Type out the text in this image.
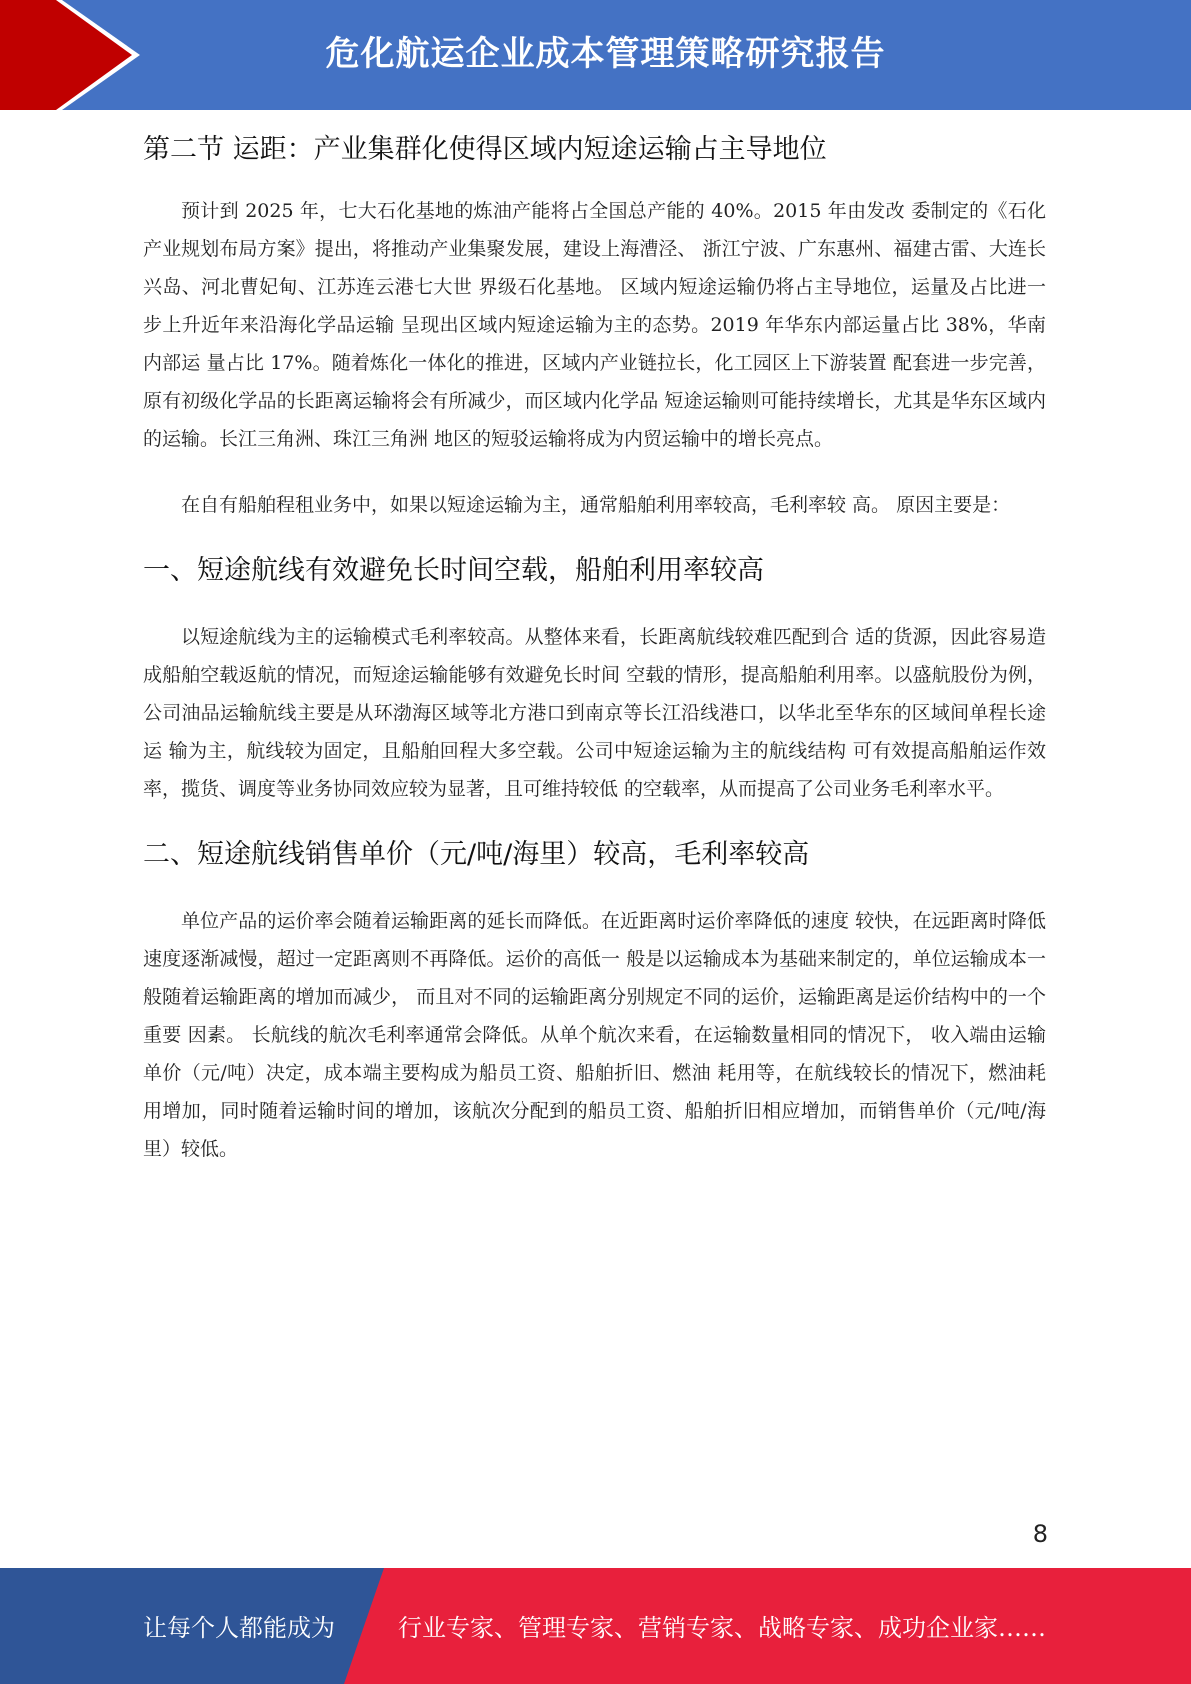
危化航运企业成本管理策略研究报告
第二节 运距：产业集群化使得区域内短途运输占主导地位

预计到 2025 年，七大石化基地的炼油产能将占全国总产能的 40%。2015 年由发改 委制定的《石化产业规划布局方案》提出，将推动产业集聚发展，建设上海漕泾、 浙江宁波、广东惠州、福建古雷、大连长兴岛、河北曹妃甸、江苏连云港七大世 界级石化基地。 区域内短途运输仍将占主导地位，运量及占比进一步上升近年来沿海化学品运输 呈现出区域内短途运输为主的态势。2019 年华东内部运量占比 38%，华南内部运 量占比 17%。随着炼化一体化的推进，区域内产业链拉长，化工园区上下游装置 配套进一步完善，原有初级化学品的长距离运输将会有所减少，而区域内化学品 短途运输则可能持续增长，尤其是华东区域内的运输。长江三角洲、珠江三角洲 地区的短驳运输将成为内贸运输中的增长亮点。

在自有船舶程租业务中，如果以短途运输为主，通常船舶利用率较高，毛利率较 高。 原因主要是：

一、短途航线有效避免长时间空载，船舶利用率较高

以短途航线为主的运输模式毛利率较高。从整体来看，长距离航线较难匹配到合 适的货源，因此容易造成船舶空载返航的情况，而短途运输能够有效避免长时间 空载的情形，提高船舶利用率。以盛航股份为例，公司油品运输航线主要是从环渤海区域等北方港口到南京等长江沿线港口，以华北至华东的区域间单程长途运 输为主，航线较为固定，且船舶回程大多空载。公司中短途运输为主的航线结构 可有效提高船舶运作效率，揽货、调度等业务协同效应较为显著，且可维持较低 的空载率，从而提高了公司业务毛利率水平。

二、短途航线销售单价（元/吨/海里）较高，毛利率较高

单位产品的运价率会随着运输距离的延长而降低。在近距离时运价率降低的速度 较快，在远距离时降低速度逐渐减慢，超过一定距离则不再降低。运价的高低一 般是以运输成本为基础来制定的，单位运输成本一般随着运输距离的增加而减少， 而且对不同的运输距离分别规定不同的运价，运输距离是运价结构中的一个重要 因素。 长航线的航次毛利率通常会降低。从单个航次来看，在运输数量相同的情况下， 收入端由运输单价（元/吨）决定，成本端主要构成为船员工资、船舶折旧、燃油 耗用等，在航线较长的情况下，燃油耗用增加，同时随着运输时间的增加，该航次分配到的船员工资、船舶折旧相应增加，而销售单价（元/吨/海里）较低。

8
让每个人都能成为	行业专家、管理专家、营销专家、战略专家、成功企业家……
